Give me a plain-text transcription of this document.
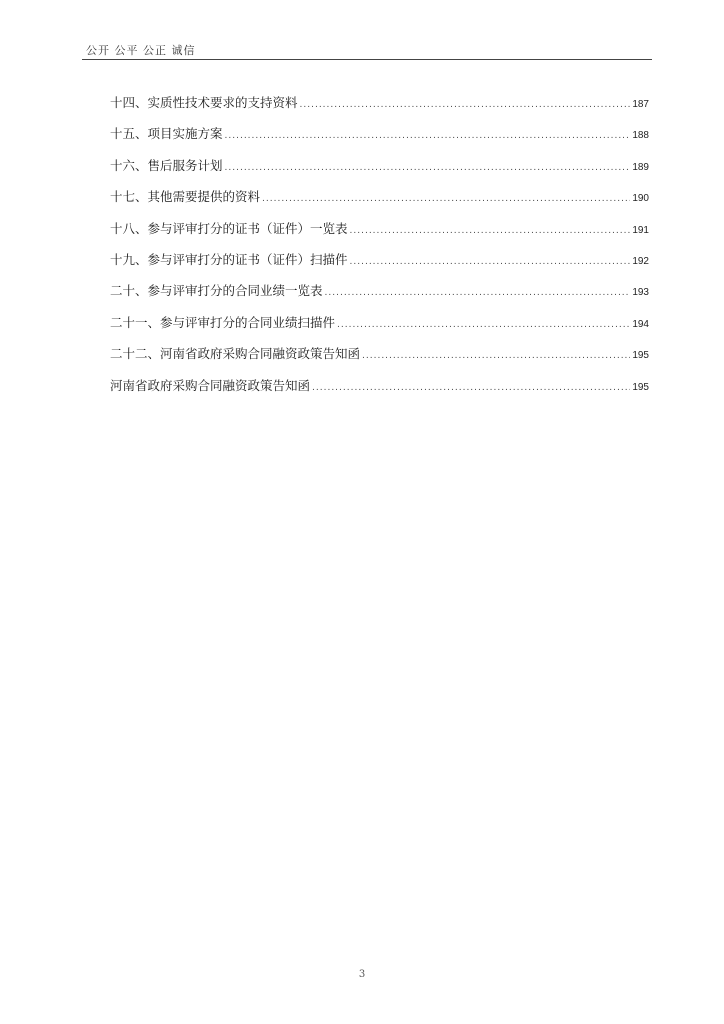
公开 公平 公正 诚信
十四、实质性技术要求的支持资料 .....	187
十五、项目实施方案 .....	188
十六、售后服务计划 .....	189
十七、其他需要提供的资料 .....	190
十八、参与评审打分的证书（证件）一览表 .....	191
十九、参与评审打分的证书（证件）扫描件 .....	192
二十、参与评审打分的合同业绩一览表 .....	193
二十一、参与评审打分的合同业绩扫描件 .....	194
二十二、河南省政府采购合同融资政策告知函 .....	195
河南省政府采购合同融资政策告知函 .....	195
3
